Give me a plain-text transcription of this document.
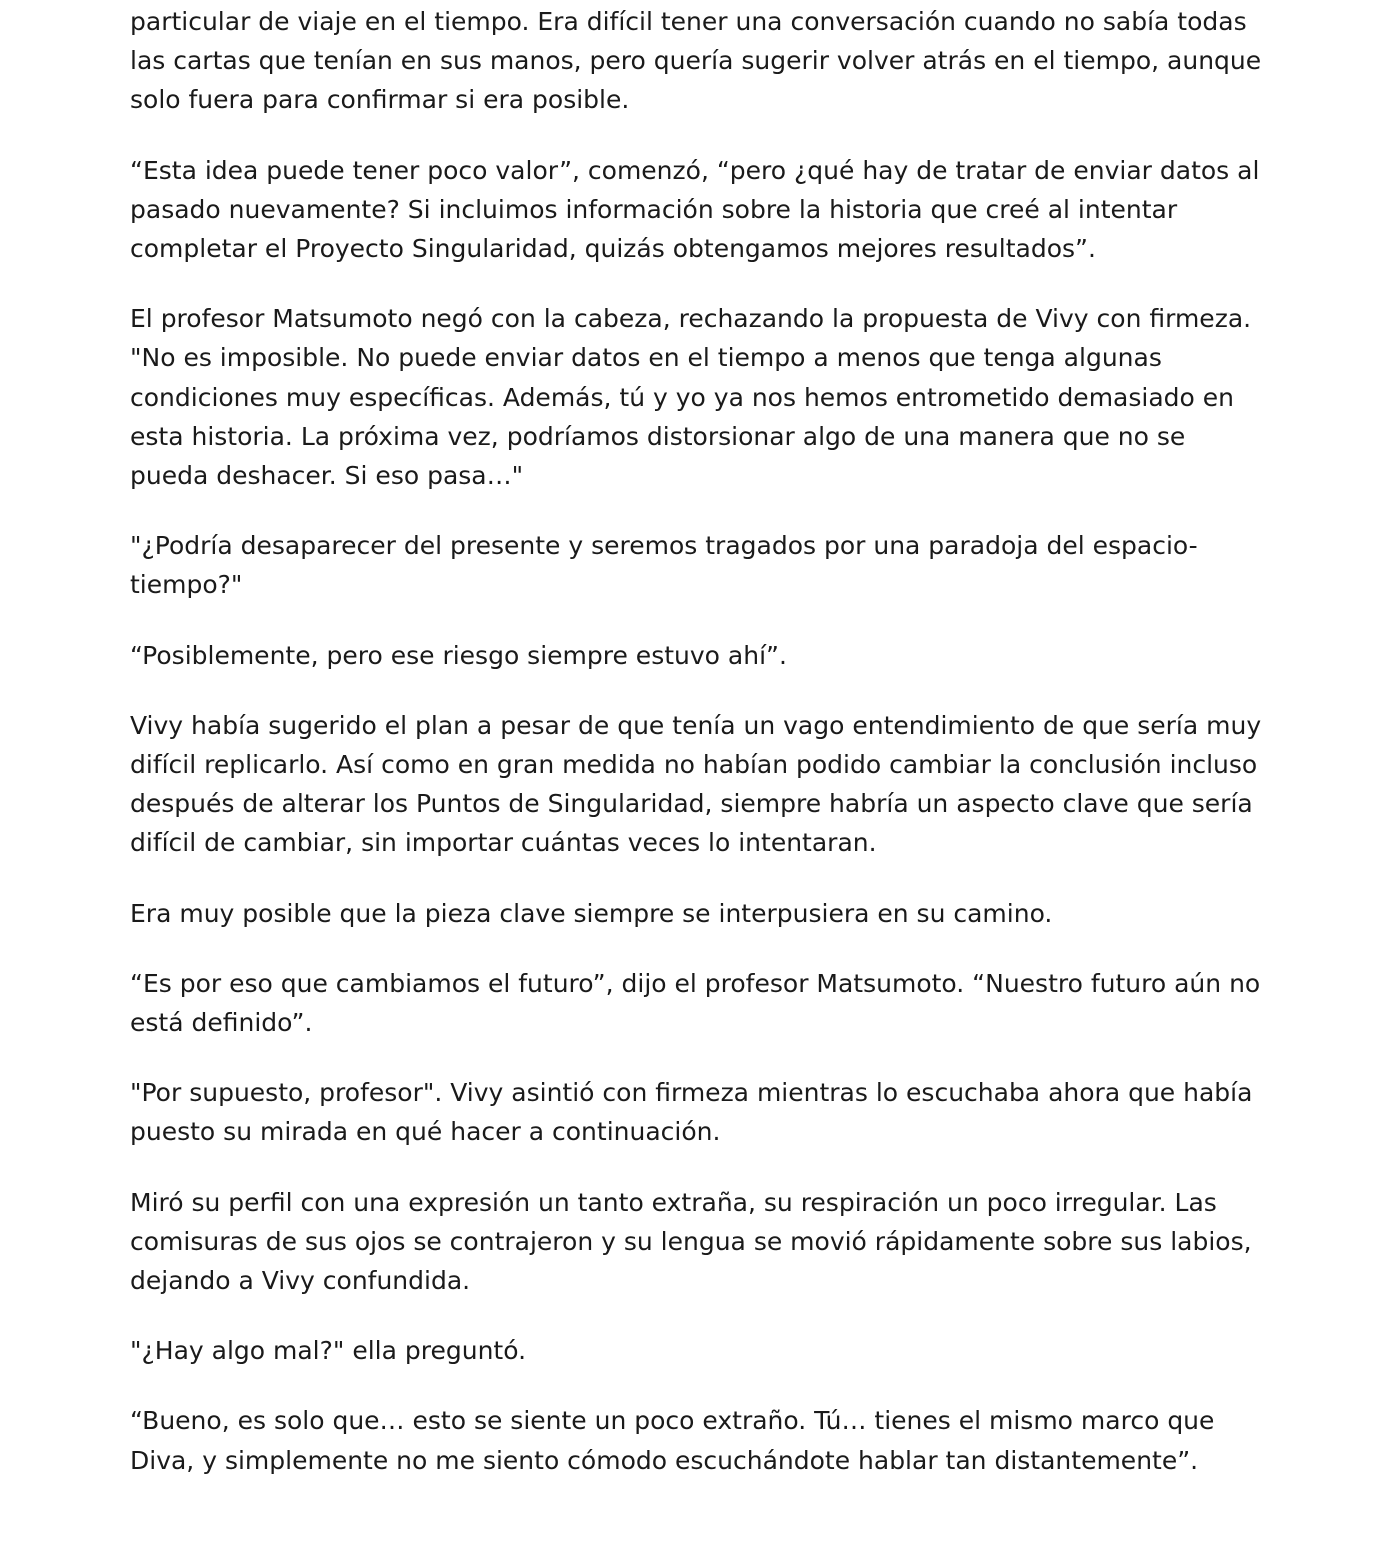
particular de viaje en el tiempo. Era difícil tener una conversación cuando no sabía todas las cartas que tenían en sus manos, pero quería sugerir volver atrás en el tiempo, aunque solo fuera para confirmar si era posible.

“Esta idea puede tener poco valor”, comenzó, “pero ¿qué hay de tratar de enviar datos al pasado nuevamente? Si incluimos información sobre la historia que creé al intentar completar el Proyecto Singularidad, quizás obtengamos mejores resultados”.

El profesor Matsumoto negó con la cabeza, rechazando la propuesta de Vivy con firmeza. "No es imposible. No puede enviar datos en el tiempo a menos que tenga algunas condiciones muy específicas. Además, tú y yo ya nos hemos entrometido demasiado en esta historia. La próxima vez, podríamos distorsionar algo de una manera que no se pueda deshacer. Si eso pasa…"

"¿Podría desaparecer del presente y seremos tragados por una paradoja del espacio-tiempo?"

“Posiblemente, pero ese riesgo siempre estuvo ahí”.

Vivy había sugerido el plan a pesar de que tenía un vago entendimiento de que sería muy difícil replicarlo. Así como en gran medida no habían podido cambiar la conclusión incluso después de alterar los Puntos de Singularidad, siempre habría un aspecto clave que sería difícil de cambiar, sin importar cuántas veces lo intentaran.

Era muy posible que la pieza clave siempre se interpusiera en su camino.

“Es por eso que cambiamos el futuro”, dijo el profesor Matsumoto. “Nuestro futuro aún no está definido”.

"Por supuesto, profesor". Vivy asintió con firmeza mientras lo escuchaba ahora que había puesto su mirada en qué hacer a continuación.

Miró su perfil con una expresión un tanto extraña, su respiración un poco irregular. Las comisuras de sus ojos se contrajeron y su lengua se movió rápidamente sobre sus labios, dejando a Vivy confundida.

"¿Hay algo mal?" ella preguntó.

“Bueno, es solo que… esto se siente un poco extraño. Tú… tienes el mismo marco que Diva, y simplemente no me siento cómodo escuchándote hablar tan distantemente”.
